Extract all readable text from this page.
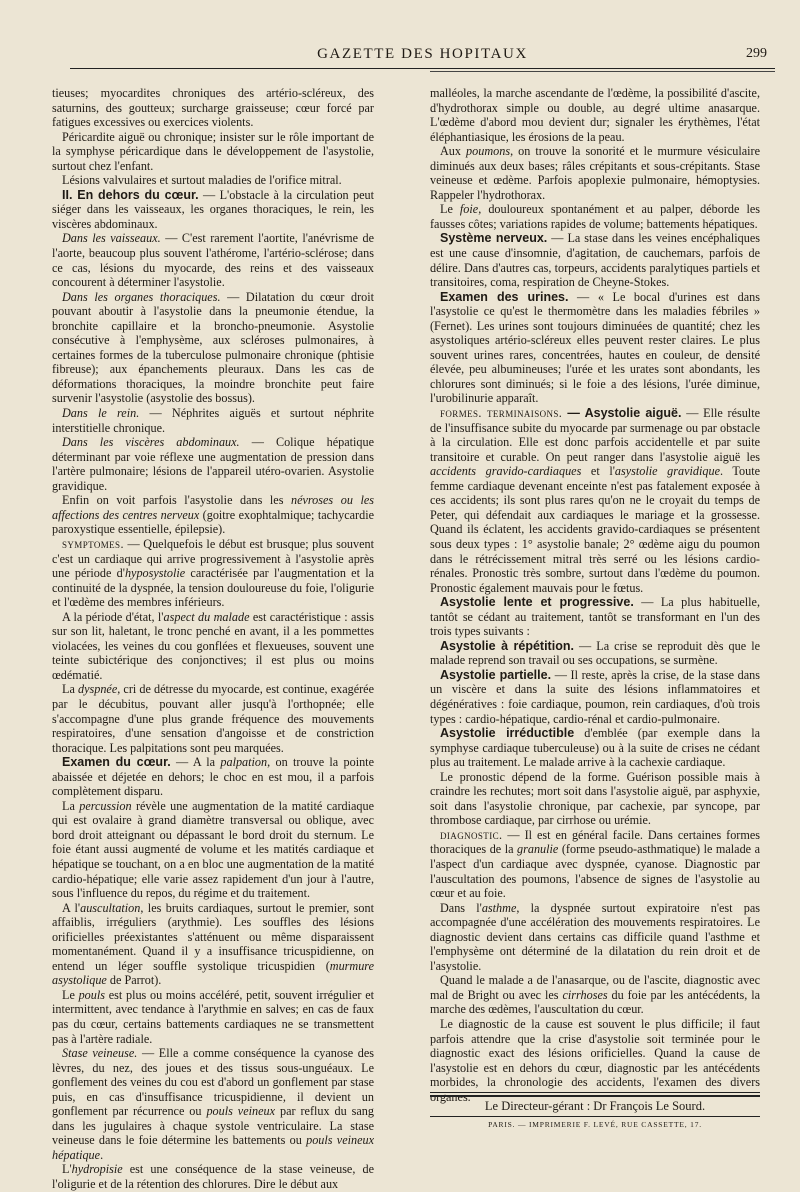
GAZETTE DES HOPITAUX	299

tieuses; myocardites chroniques des artério-scléreux, des saturnins, des goutteux; surcharge graisseuse; cœur forcé par fatigues excessives ou exercices violents.

Péricardite aiguë ou chronique; insister sur le rôle important de la symphyse péricardique dans le développement de l'asystolie, surtout chez l'enfant.

Lésions valvulaires et surtout maladies de l'orifice mitral.

II. En dehors du cœur. — L'obstacle à la circulation peut siéger dans les vaisseaux, les organes thoraciques, le rein, les viscères abdominaux.

Dans les vaisseaux. — C'est rarement l'aortite, l'anévrisme de l'aorte, beaucoup plus souvent l'athérome, l'artério-sclérose; dans ce cas, lésions du myocarde, des reins et des vaisseaux concourent à déterminer l'asystolie.

Dans les organes thoraciques. — Dilatation du cœur droit pouvant aboutir à l'asystolie dans la pneumonie étendue, la bronchite capillaire et la broncho-pneumonie. Asystolie consécutive à l'emphysème, aux scléroses pulmonaires, à certaines formes de la tuberculose pulmonaire chronique (phtisie fibreuse); aux épanchements pleuraux. Dans les cas de déformations thoraciques, la moindre bronchite peut faire survenir l'asystolie (asystolie des bossus).

Dans le rein. — Néphrites aiguës et surtout néphrite interstitielle chronique.

Dans les viscères abdominaux. — Colique hépatique déterminant par voie réflexe une augmentation de pression dans l'artère pulmonaire; lésions de l'appareil utéro-ovarien. Asystolie gravidique.

Enfin on voit parfois l'asystolie dans les névroses ou les affections des centres nerveux (goitre exophtalmique; tachycardie paroxystique essentielle, épilepsie).

symptomes. — Quelquefois le début est brusque; plus souvent c'est un cardiaque qui arrive progressivement à l'asystolie après une période d'hyposystolie caractérisée par l'augmentation et la continuité de la dyspnée, la tension douloureuse du foie, l'oligurie et l'œdème des membres inférieurs.

A la période d'état, l'aspect du malade est caractéristique : assis sur son lit, haletant, le tronc penché en avant, il a les pommettes violacées, les veines du cou gonflées et flexueuses, souvent une teinte subictérique des conjonctives; il est plus ou moins œdématié.

La dyspnée, cri de détresse du myocarde, est continue, exagérée par le décubitus, pouvant aller jusqu'à l'orthopnée; elle s'accompagne d'une plus grande fréquence des mouvements respiratoires, d'une sensation d'angoisse et de constriction thoracique. Les palpitations sont peu marquées.

Examen du cœur. — A la palpation, on trouve la pointe abaissée et déjetée en dehors; le choc en est mou, il a parfois complètement disparu.

La percussion révèle une augmentation de la matité cardiaque qui est ovalaire à grand diamètre transversal ou oblique, avec bord droit atteignant ou dépassant le bord droit du sternum. Le foie étant aussi augmenté de volume et les matités cardiaque et hépatique se touchant, on a en bloc une augmentation de la matité cardio-hépatique; elle varie assez rapidement d'un jour à l'autre, sous l'influence du repos, du régime et du traitement.

A l'auscultation, les bruits cardiaques, surtout le premier, sont affaiblis, irréguliers (arythmie). Les souffles des lésions orificielles préexistantes s'atténuent ou même disparaissent momentanément. Quand il y a insuffisance tricuspidienne, on entend un léger souffle systolique tricuspidien (murmure asystolique de Parrot).

Le pouls est plus ou moins accéléré, petit, souvent irrégulier et intermittent, avec tendance à l'arythmie en salves; en cas de faux pas du cœur, certains battements cardiaques ne se transmettent pas à l'artère radiale.

Stase veineuse. — Elle a comme conséquence la cyanose des lèvres, du nez, des joues et des tissus sous-unguéaux. Le gonflement des veines du cou est d'abord un gonflement par stase puis, en cas d'insuffisance tricuspidienne, il devient un gonflement par récurrence ou pouls veineux par reflux du sang dans les jugulaires à chaque systole ventriculaire. La stase veineuse dans le foie détermine les battements ou pouls veineux hépatique.

L'hydropisie est une conséquence de la stase veineuse, de l'oligurie et de la rétention des chlorures. Dire le début aux

malléoles, la marche ascendante de l'œdème, la possibilité d'ascite, d'hydrothorax simple ou double, au degré ultime anasarque. L'œdème d'abord mou devient dur; signaler les érythèmes, l'état éléphantiasique, les érosions de la peau.

Aux poumons, on trouve la sonorité et le murmure vésiculaire diminués aux deux bases; râles crépitants et sous-crépitants. Stase veineuse et œdème. Parfois apoplexie pulmonaire, hémoptysies. Rappeler l'hydrothorax.

Le foie, douloureux spontanément et au palper, déborde les fausses côtes; variations rapides de volume; battements hépatiques.

Système nerveux. — La stase dans les veines encéphaliques est une cause d'insomnie, d'agitation, de cauchemars, parfois de délire. Dans d'autres cas, torpeurs, accidents paralytiques partiels et transitoires, coma, respiration de Cheyne-Stokes.

Examen des urines. — « Le bocal d'urines est dans l'asystolie ce qu'est le thermomètre dans les maladies fébriles » (Fernet). Les urines sont toujours diminuées de quantité; chez les asystoliques artério-scléreux elles peuvent rester claires. Le plus souvent urines rares, concentrées, hautes en couleur, de densité élevée, peu albumineuses; l'urée et les urates sont abondants, les chlorures sont diminués; si le foie a des lésions, l'urée diminue, l'urobilinurie apparaît.

formes. terminaisons. — Asystolie aiguë. — Elle résulte de l'insuffisance subite du myocarde par surmenage ou par obstacle à la circulation. Elle est donc parfois accidentelle et par suite transitoire et curable. On peut ranger dans l'asystolie aiguë les accidents gravido-cardiaques et l'asystolie gravidique. Toute femme cardiaque devenant enceinte n'est pas fatalement exposée à ces accidents; ils sont plus rares qu'on ne le croyait du temps de Peter, qui défendait aux cardiaques le mariage et la grossesse. Quand ils éclatent, les accidents gravido-cardiaques se présentent sous deux types : 1° asystolie banale; 2° œdème aigu du poumon dans le rétrécissement mitral très serré ou les lésions cardio-rénales. Pronostic très sombre, surtout dans l'œdème du poumon. Pronostic également mauvais pour le fœtus.

Asystolie lente et progressive. — La plus habituelle, tantôt se cédant au traitement, tantôt se transformant en l'un des trois types suivants :

Asystolie à répétition. — La crise se reproduit dès que le malade reprend son travail ou ses occupations, se surmène.

Asystolie partielle. — Il reste, après la crise, de la stase dans un viscère et dans la suite des lésions inflammatoires et dégénératives : foie cardiaque, poumon, rein cardiaques, d'où trois types : cardio-hépatique, cardio-rénal et cardio-pulmonaire.

Asystolie irréductible d'emblée (par exemple dans la symphyse cardiaque tuberculeuse) ou à la suite de crises ne cédant plus au traitement. Le malade arrive à la cachexie cardiaque.

Le pronostic dépend de la forme. Guérison possible mais à craindre les rechutes; mort soit dans l'asystolie aiguë, par asphyxie, soit dans l'asystolie chronique, par cachexie, par syncope, par thrombose cardiaque, par cirrhose ou urémie.

diagnostic. — Il est en général facile. Dans certaines formes thoraciques de la granulie (forme pseudo-asthmatique) le malade a l'aspect d'un cardiaque avec dyspnée, cyanose. Diagnostic par l'auscultation des poumons, l'absence de signes de l'asystolie au cœur et au foie.

Dans l'asthme, la dyspnée surtout expiratoire n'est pas accompagnée d'une accélération des mouvements respiratoires. Le diagnostic devient dans certains cas difficile quand l'asthme et l'emphysème ont déterminé de la dilatation du rein droit et de l'asystolie.

Quand le malade a de l'anasarque, ou de l'ascite, diagnostic avec mal de Bright ou avec les cirrhoses du foie par les antécédents, la marche des œdèmes, l'auscultation du cœur.

Le diagnostic de la cause est souvent le plus difficile; il faut parfois attendre que la crise d'asystolie soit terminée pour le diagnostic exact des lésions orificielles. Quand la cause de l'asystolie est en dehors du cœur, diagnostic par les antécédents morbides, la chronologie des accidents, l'examen des divers organes.

Le Directeur-gérant : Dr François Le Sourd.
PARIS. — IMPRIMERIE F. LEVÉ, RUE CASSETTE, 17.
